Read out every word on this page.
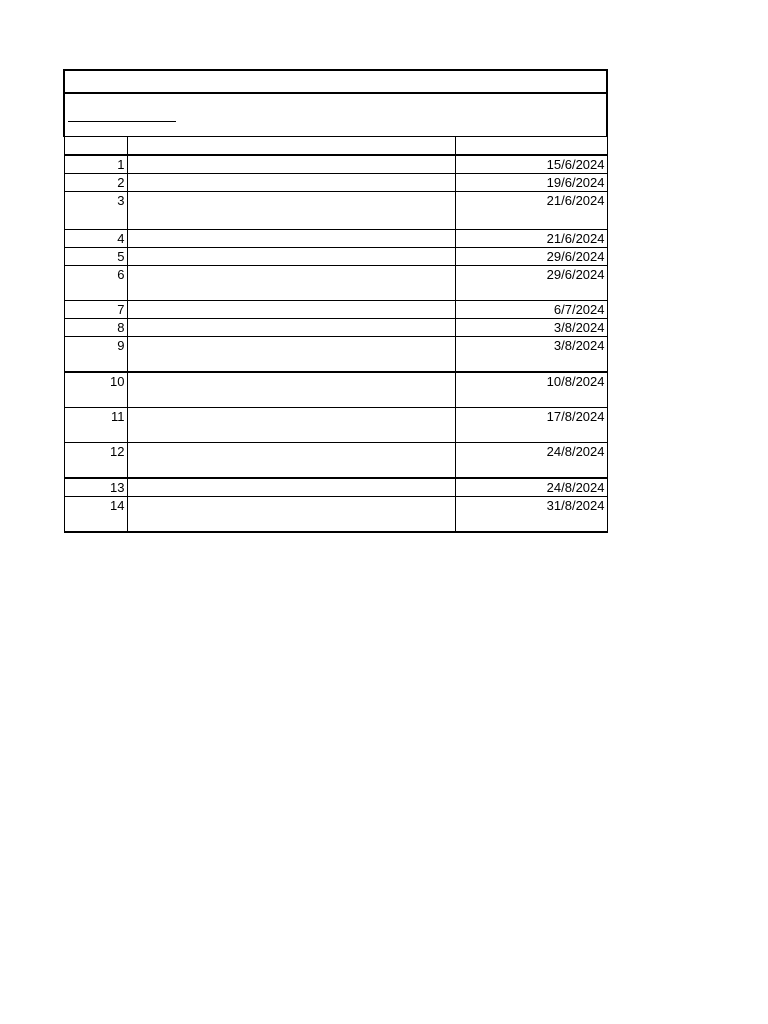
1		15/6/2024
2		19/6/2024
3		21/6/2024
4		21/6/2024
5		29/6/2024
6		29/6/2024
7		6/7/2024
8		3/8/2024
9		3/8/2024
10		10/8/2024
11		17/8/2024
12		24/8/2024
13		24/8/2024
14		31/8/2024
